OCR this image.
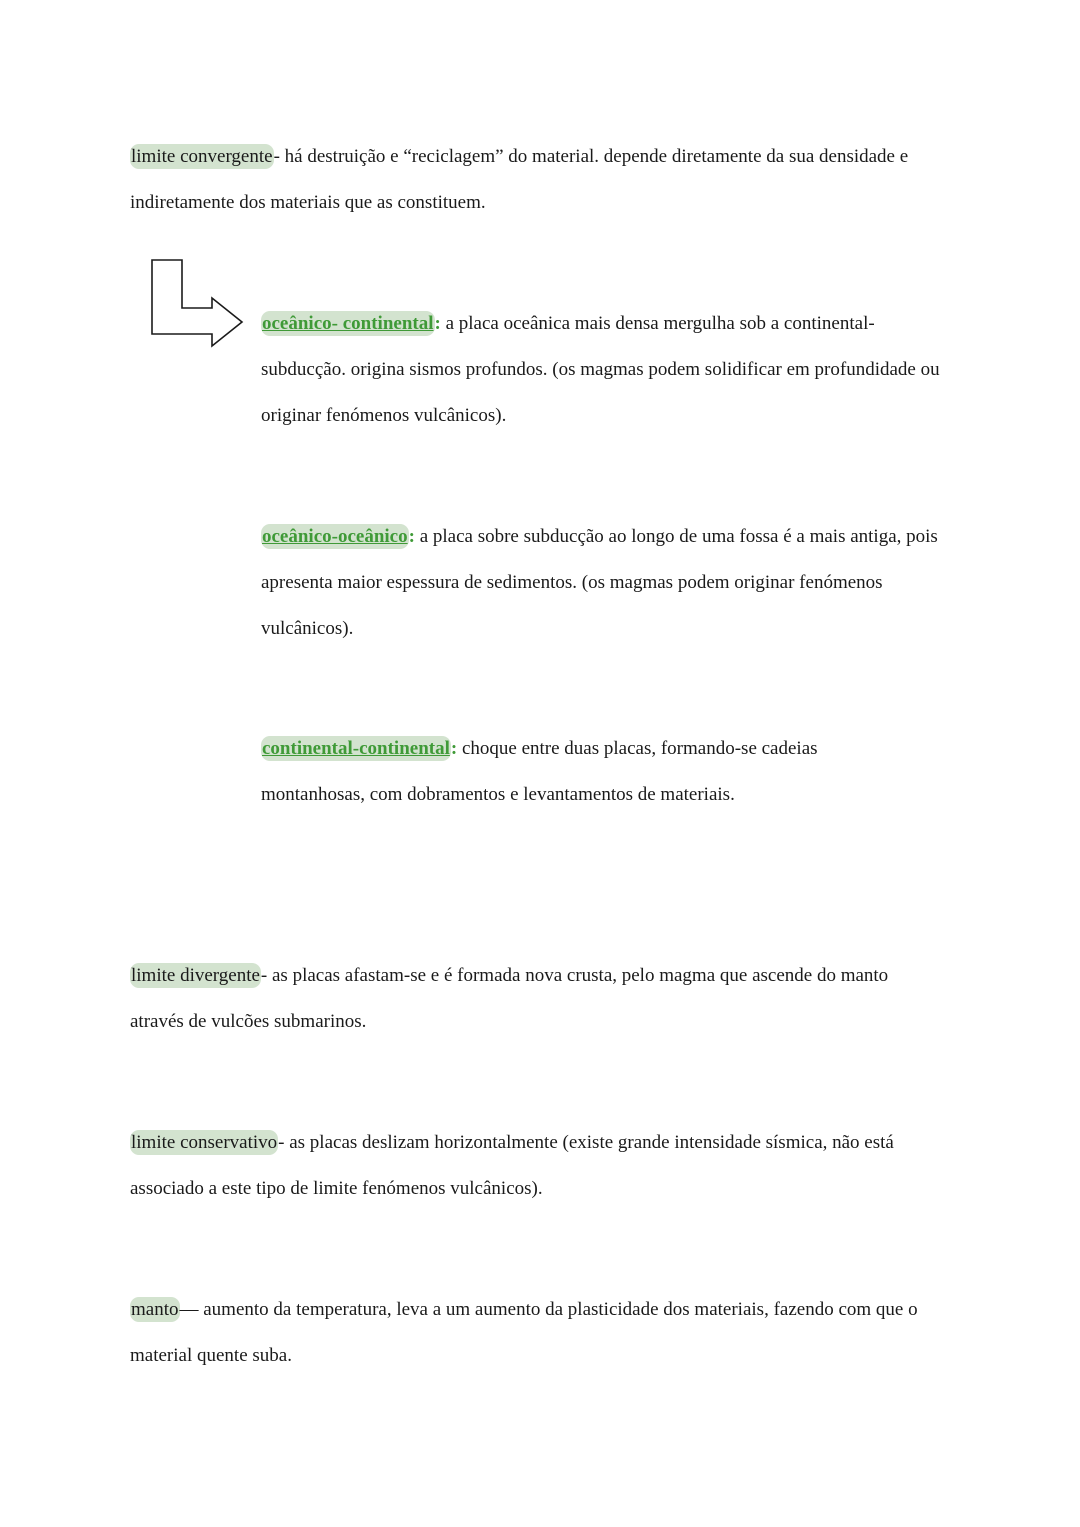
limite convergente- há destruição e “reciclagem” do material. depende diretamente da sua densidade e indiretamente dos materiais que as constituem.

oceânico- continental: a placa oceânica mais densa mergulha sob a continental- subducção. origina sismos profundos. (os magmas podem solidificar em profundidade ou originar fenómenos vulcânicos).

oceânico-oceânico: a placa sobre subducção ao longo de uma fossa é a mais antiga, pois apresenta maior espessura de sedimentos. (os magmas podem originar fenómenos vulcânicos).

continental-continental: choque entre duas placas, formando-se cadeias montanhosas, com dobramentos e levantamentos de materiais.

limite divergente- as placas afastam-se e é formada nova crusta, pelo magma que ascende do manto através de vulcões submarinos.

limite conservativo- as placas deslizam horizontalmente (existe grande intensidade sísmica, não está associado a este tipo de limite fenómenos vulcânicos).

manto— aumento da temperatura, leva a um aumento da plasticidade dos materiais, fazendo com que o material quente suba.
